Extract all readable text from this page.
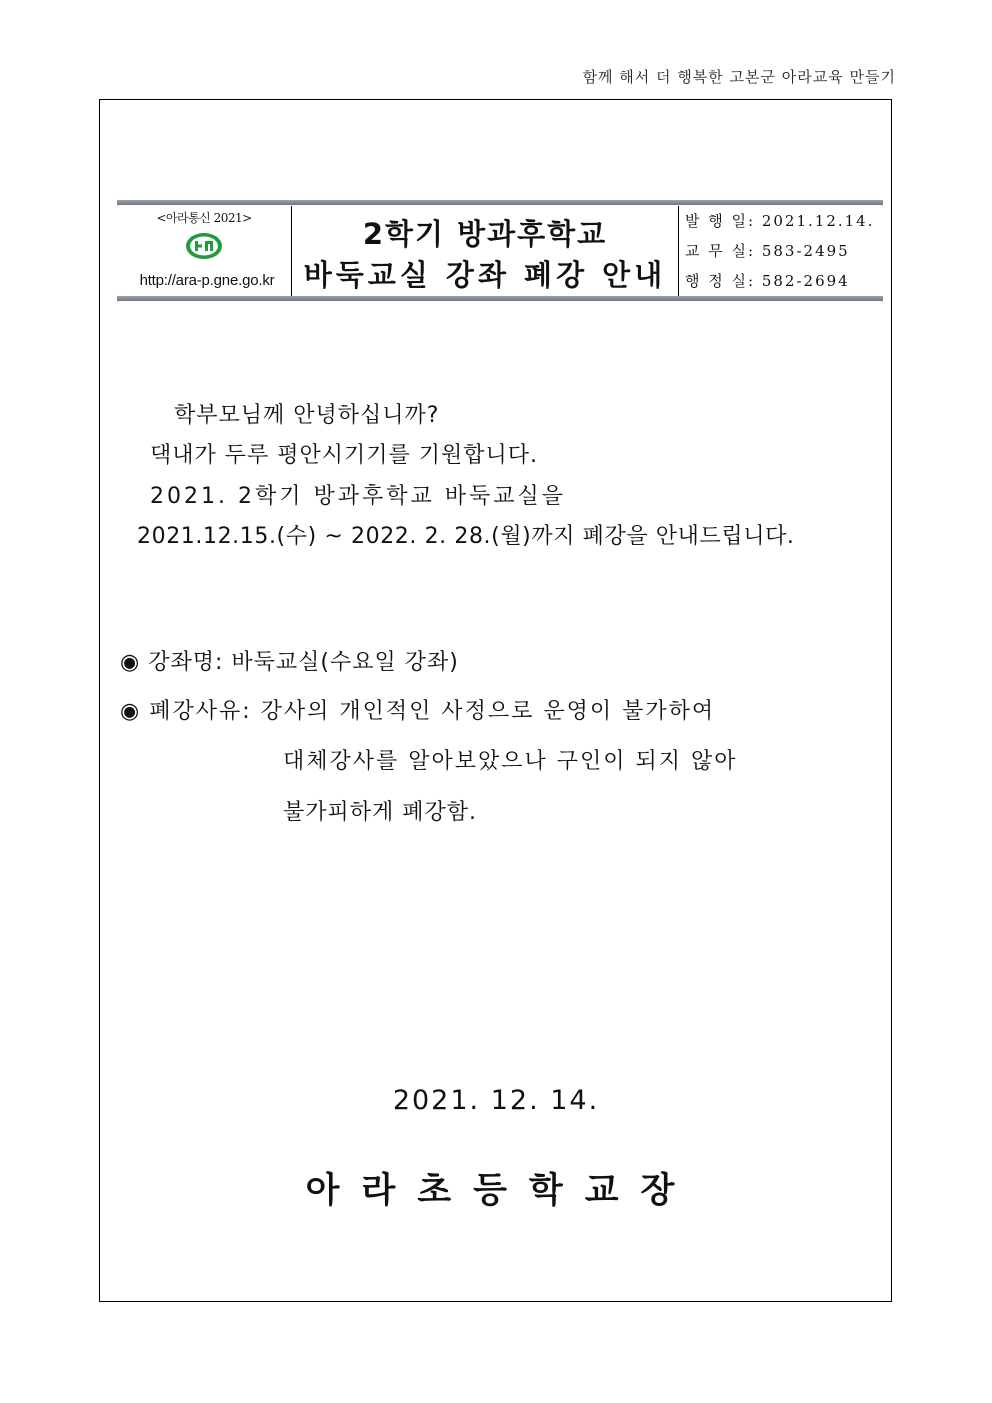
함께 해서 더 행복한 고본군 아라교육 만들기
<아라통신 2021>
http://ara-p.gne.go.kr
2학기 방과후학교
바둑교실 강좌 폐강 안내
발 행 일: 2021.12.14.
교 무 실: 583-2495
행 정 실: 582-2694
학부모님께 안녕하십니까?
댁내가 두루 평안시기기를 기원합니다.
2021. 2학기 방과후학교 바둑교실을
2021.12.15.(수) ~ 2022. 2. 28.(월)까지 폐강을 안내드립니다.
◉ 강좌명: 바둑교실(수요일 강좌)
◉ 폐강사유: 강사의 개인적인 사정으로 운영이 불가하여
대체강사를 알아보았으나 구인이 되지 않아
불가피하게 폐강함.
2021. 12. 14.
아라초등학교장
